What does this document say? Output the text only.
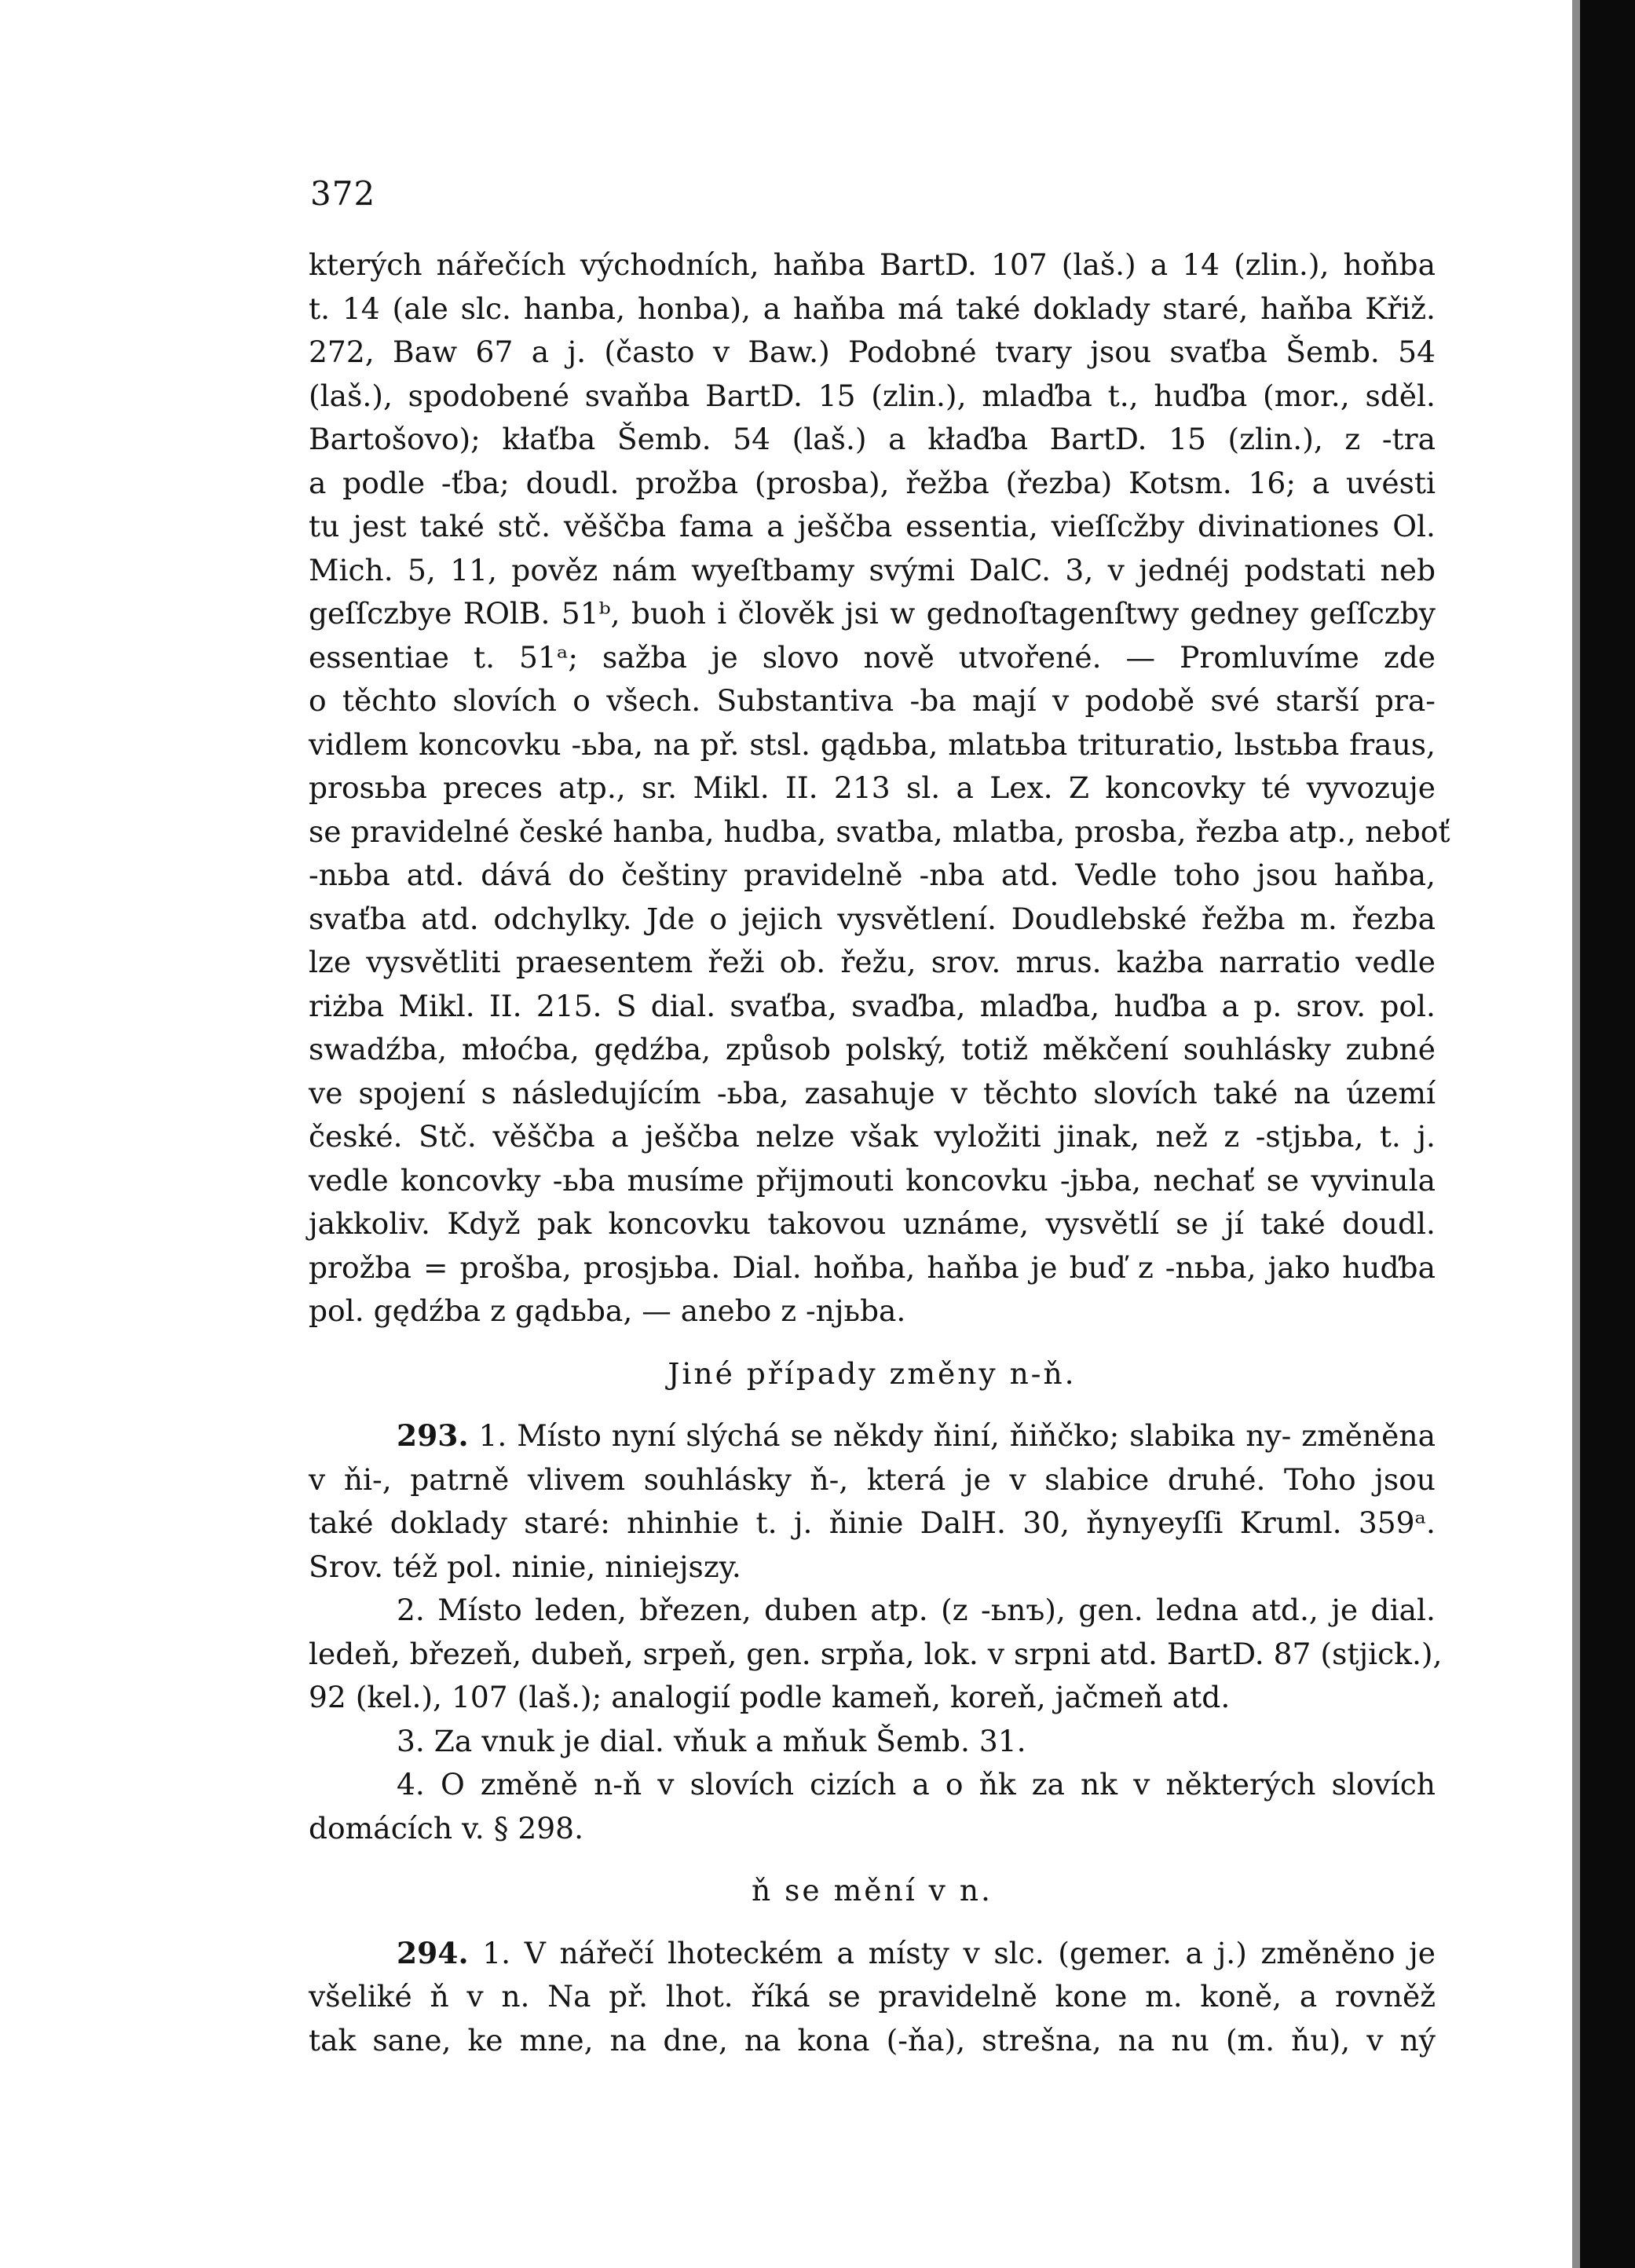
372
kterých nářečích východních, haňba BartD. 107 (laš.) a 14 (zlin.), hoňba
t. 14 (ale slc. hanba, honba), a haňba má také doklady staré, haňba Křiž.
272, Baw 67 a j. (často v Baw.) Podobné tvary jsou svaťba Šemb. 54
(laš.), spodobené svaňba BartD. 15 (zlin.), mlaďba t., huďba (mor., sděl.
Bartošovo); kłaťba Šemb. 54 (laš.) a kłaďba BartD. 15 (zlin.), z -tra
a podle -ťba; doudl. prožba (prosba), řežba (řezba) Kotsm. 16; a uvésti
tu jest také stč. věščba fama a ješčba essentia, vieſſcžby divinationes Ol.
Mich. 5, 11, pověz nám wyeſtbamy svými DalC. 3, v jednéj podstati neb
geſſczbye ROlB. 51ᵇ, buoh i člověk jsi w gednoſtagenſtwy gedney geſſczby
essentiae t. 51ᵃ; sažba je slovo nově utvořené. — Promluvíme zde
o těchto slovích o všech. Substantiva -ba mají v podobě své starší pra-
vidlem koncovku -ьba, na př. stsl. gądьba, mlatьba trituratio, lьstьba fraus,
prosьba preces atp., sr. Mikl. II. 213 sl. a Lex. Z koncovky té vyvozuje
se pravidelné české hanba, hudba, svatba, mlatba, prosba, řezba atp., neboť
-nьba atd. dává do češtiny pravidelně -nba atd. Vedle toho jsou haňba,
svaťba atd. odchylky. Jde o jejich vysvětlení. Doudlebské řežba m. řezba
lze vysvětliti praesentem řeži ob. řežu, srov. mrus. każba narratio vedle
riżba Mikl. II. 215. S dial. svaťba, svaďba, mlaďba, huďba a p. srov. pol.
swadźba, młoćba, gędźba, způsob polský, totiž měkčení souhlásky zubné
ve spojení s následujícím -ьba, zasahuje v těchto slovích také na území
české. Stč. věščba a ješčba nelze však vyložiti jinak, než z -stjьba, t. j.
vedle koncovky -ьba musíme přijmouti koncovku -jьba, nechať se vyvinula
jakkoliv. Když pak koncovku takovou uznáme, vysvětlí se jí také doudl.
prožba = prošba, prosjьba. Dial. hoňba, haňba je buď z -nьba, jako huďba
pol. gędźba z gądьba, — anebo z -njьba.
Jiné případy změny n-ň.
293. 1. Místo nyní slýchá se někdy ňiní, ňiňčko; slabika ny- změněna
v ňi-, patrně vlivem souhlásky ň-, která je v slabice druhé. Toho jsou
také doklady staré: nhinhie t. j. ňinie DalH. 30, ňynyeyſſi Kruml. 359ᵃ.
Srov. též pol. ninie, niniejszy.
2. Místo leden, březen, duben atp. (z -ьnъ), gen. ledna atd., je dial.
ledeň, březeň, dubeň, srpeň, gen. srpňa, lok. v srpni atd. BartD. 87 (stjick.),
92 (kel.), 107 (laš.); analogií podle kameň, koreň, jačmeň atd.
3. Za vnuk je dial. vňuk a mňuk Šemb. 31.
4. O změně n-ň v slovích cizích a o ňk za nk v některých slovích
domácích v. § 298.
ň se mění v n.
294. 1. V nářečí lhoteckém a místy v slc. (gemer. a j.) změněno je
všeliké ň v n. Na př. lhot. říká se pravidelně kone m. koně, a rovněž
tak sane, ke mne, na dne, na kona (-ňa), strešna, na nu (m. ňu), v ný
